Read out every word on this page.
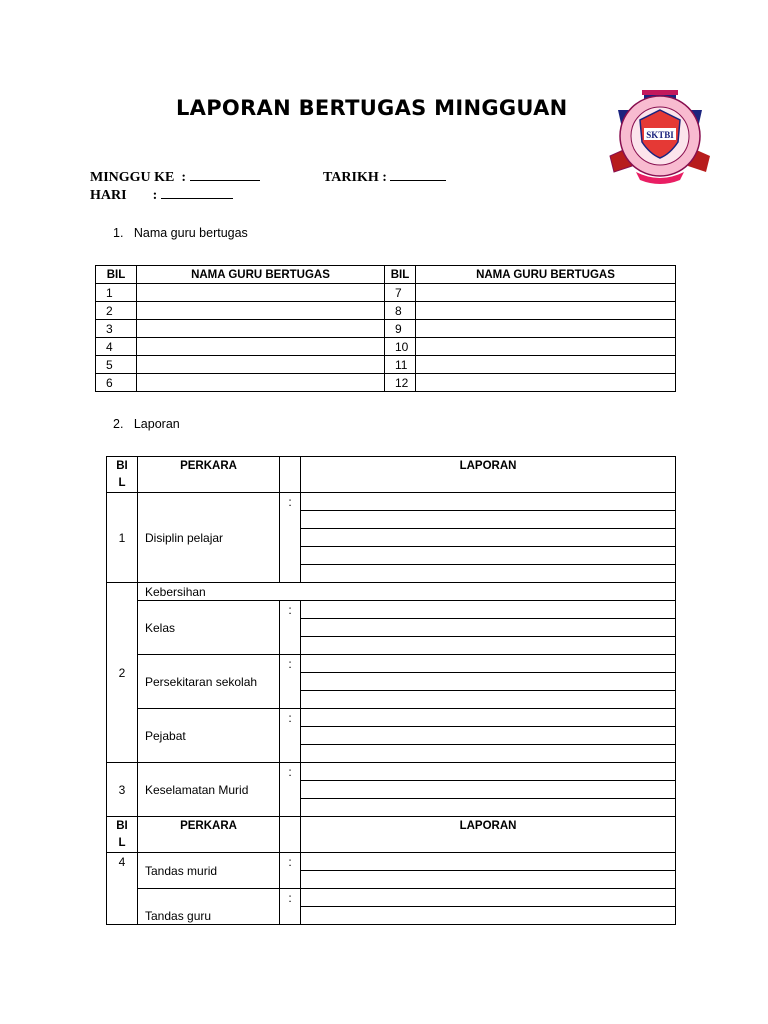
LAPORAN BERTUGAS MINGGUAN
SKTBI
MINGGU KE :	TARIKH :
HARI :
1. Nama guru bertugas
BIL	NAMA GURU BERTUGAS	BIL	NAMA GURU BERTUGAS
1		7	
2		8	
3		9	
4		10	
5		11	
6		12	
2. Laporan
BI
L	PERKARA		LAPORAN
1	Disiplin pelajar	:	

2	Kebersihan		
	Kelas	:	

	Persekitaran sekolah	:	

	Pejabat	:	

3	Keselamatan Murid	:	

BI
L	PERKARA		LAPORAN
4	Tandas murid	:	

	Tandas guru	:	
